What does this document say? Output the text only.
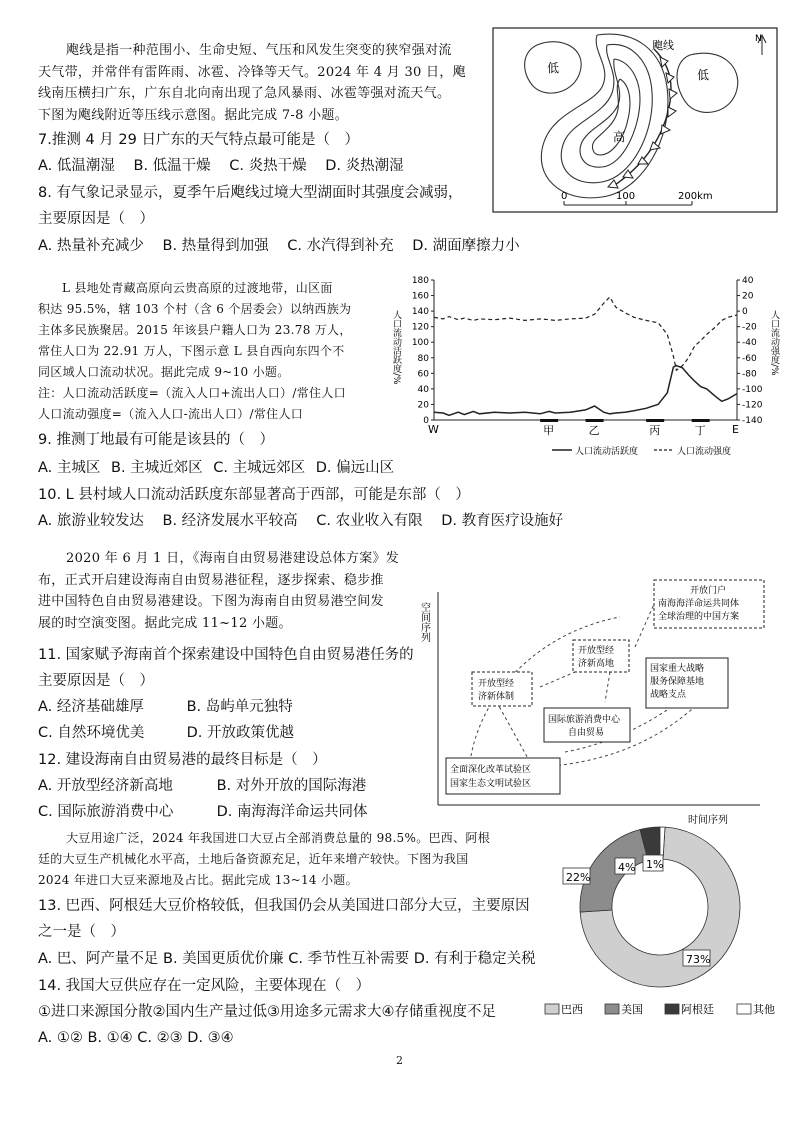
飑线是指一种范围小、生命史短、气压和风发生突变的狭窄强对流
天气带，并常伴有雷阵雨、冰雹、冷锋等天气。2024 年 4 月 30 日，飑
线南压横扫广东，广东自北向南出现了急风暴雨、冰雹等强对流天气。
下图为飑线附近等压线示意图。据此完成 7-8 小题。
7.推测 4 月 29 日广东的天气特点最可能是（　）
A. 低温潮湿 B. 低温干燥 C. 炎热干燥 D. 炎热潮湿
8. 有气象记录显示，夏季午后飑线过境大型湖面时其强度会减弱，
主要原因是（　）
A. 热量补充减少 B. 热量得到加强 C. 水汽得到补充 D. 湖面摩擦力小
低	低
高
飑线	N
0	100	200km
L 县地处青藏高原向云贵高原的过渡地带，山区面
积达 95.5%，辖 103 个村（含 6 个居委会）以纳西族为
主体多民族聚居。2015 年该县户籍人口为 23.78 万人，
常住人口为 22.91 万人，下图示意 L 县自西向东四个不
同区域人口流动状况。据此完成 9~10 小题。
注：人口流动活跃度=（流入人口+流出人口）/常住人口
人口流动强度=（流入人口-流出人口）/常住人口
180
160
140
120
100
80
60
40
20
0
40
20
0
-20
-40
-60
-80
-100
-120
-140
人口流动活跃度/%	人口流动强度/%
甲	乙	丙	丁
W	E
人口流动活跃度	人口流动强度
9. 推测丁地最有可能是该县的（　）
A. 主城区 B. 主城近郊区 C. 主城远郊区 D. 偏远山区
10. L 县村域人口流动活跃度东部显著高于西部，可能是东部（　）
A. 旅游业较发达 B. 经济发展水平较高 C. 农业收入有限 D. 教育医疗设施好
2020 年 6 月 1 日，《海南自由贸易港建设总体方案》发
布，正式开启建设海南自由贸易港征程，逐步探索、稳步推
进中国特色自由贸易港建设。下图为海南自由贸易港空间发
展的时空演变图。据此完成 11~12 小题。
11. 国家赋予海南首个探索建设中国特色自由贸易港任务的
主要原因是（　）
A. 经济基础雄厚	B. 岛屿单元独特
C. 自然环境优美	D. 开放政策优越
12. 建设海南自由贸易港的最终目标是（　）
A. 开放型经济新高地	B. 对外开放的国际海港
C. 国际旅游消费中心	D. 南海海洋命运共同体
空间序列
时间序列
全面深化改革试验区
国家生态文明试验区
开放型经
济新体制
国际旅游消费中心
自由贸易
开放型经
济新高地	国家重大战略
服务保障基地
战略支点
开放门户
南海海洋命运共同体
全球治理的中国方案
大豆用途广泛，2024 年我国进口大豆占全部消费总量的 98.5%。巴西、阿根
廷的大豆生产机械化水平高，土地后备资源充足，近年来增产较快。下图为我国
2024 年进口大豆来源地及占比。据此完成 13~14 小题。
13. 巴西、阿根廷大豆价格较低，但我国仍会从美国进口部分大豆，主要原因
之一是（　）
A. 巴、阿产量不足 B. 美国更质优价廉 C. 季节性互补需要 D. 有利于稳定关税
14. 我国大豆供应存在一定风险，主要体现在（　）
①进口来源国分散②国内生产量过低③用途多元需求大④存储重视度不足
A. ①② B. ①④ C. ②③ D. ③④
73%
22%
4% 1%
巴西	美国	阿根廷	其他
2
